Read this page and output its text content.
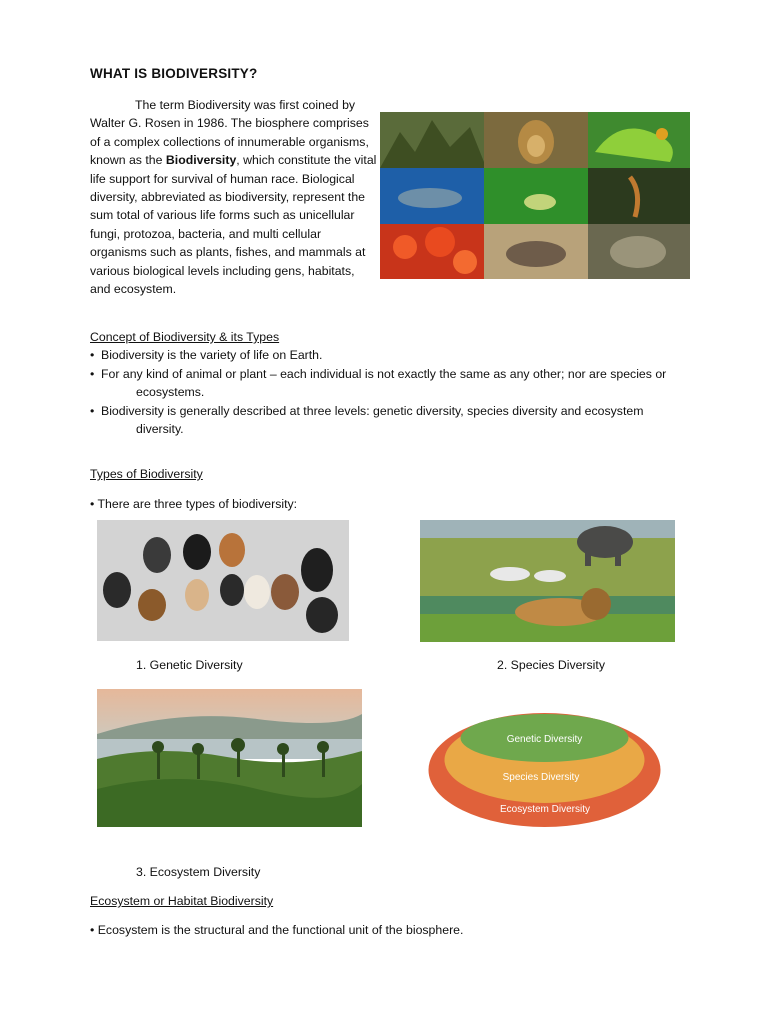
WHAT IS BIODIVERSITY?
The term Biodiversity was first coined by Walter G. Rosen in 1986. The biosphere comprises of a complex collections of innumerable organisms, known as the Biodiversity, which constitute the vital life support for survival of human race. Biological diversity, abbreviated as biodiversity, represent the sum total of various life forms such as unicellular fungi, protozoa, bacteria, and multi cellular organisms such as plants, fishes, and mammals at various biological levels including gens, habitats, and ecosystem.
Concept of Biodiversity & its Types
• Biodiversity is the variety of life on Earth.
• For any kind of animal or plant – each individual is not exactly the same as any other; nor are species or ecosystems.
• Biodiversity is generally described at three levels: genetic diversity, species diversity and ecosystem diversity.
Types of Biodiversity
• There are three types of biodiversity:
1. Genetic Diversity	2. Species Diversity
Genetic Diversity
Species Diversity
Ecosystem Diversity
3. Ecosystem Diversity
Ecosystem or Habitat Biodiversity
• Ecosystem is the structural and the functional unit of the biosphere.
